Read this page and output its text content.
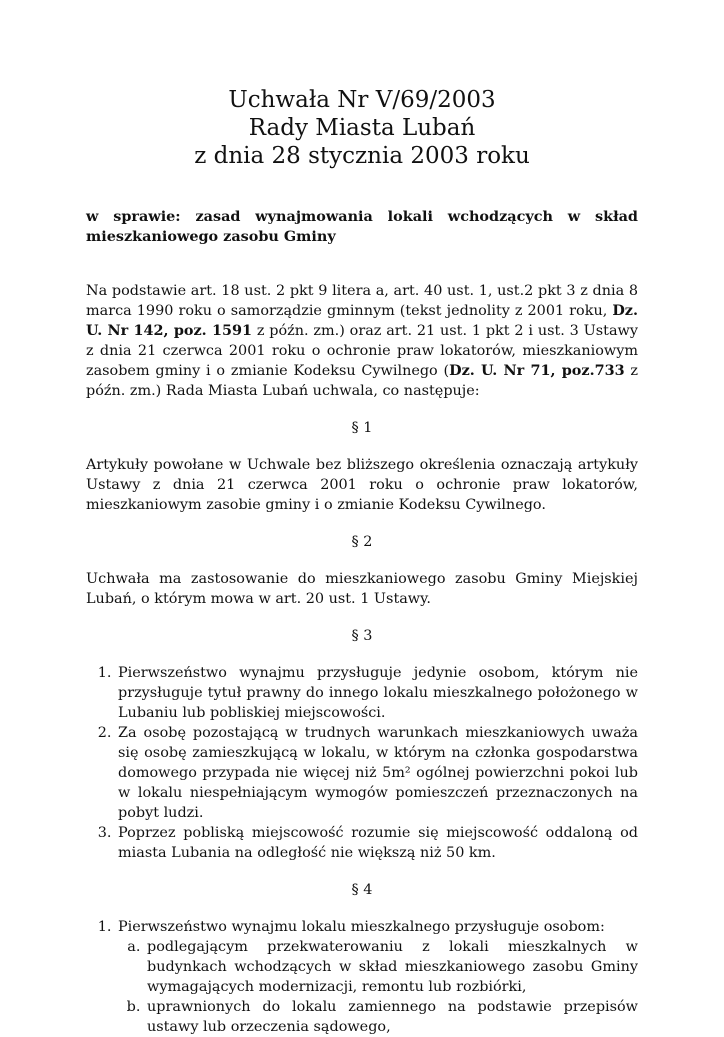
Uchwała Nr V/69/2003
Rady Miasta Lubań
z dnia 28 stycznia 2003 roku

w sprawie: zasad wynajmowania lokali wchodzących w skład mieszkaniowego zasobu Gminy

Na podstawie art. 18 ust. 2 pkt 9 litera a, art. 40 ust. 1, ust.2 pkt 3 z dnia 8 marca 1990 roku o samorządzie gminnym (tekst jednolity z 2001 roku, Dz. U. Nr 142, poz. 1591 z późn. zm.) oraz art. 21 ust. 1 pkt 2 i ust. 3 Ustawy z dnia 21 czerwca 2001 roku o ochronie praw lokatorów, mieszkaniowym zasobem gminy i o zmianie Kodeksu Cywilnego (Dz. U. Nr 71, poz.733 z późn. zm.) Rada Miasta Lubań uchwala, co następuje:

§ 1

Artykuły powołane w Uchwale bez bliższego określenia oznaczają artykuły Ustawy z dnia 21 czerwca 2001 roku o ochronie praw lokatorów, mieszkaniowym zasobie gminy i o zmianie Kodeksu Cywilnego.

§ 2

Uchwała ma zastosowanie do mieszkaniowego zasobu Gminy Miejskiej Lubań, o którym mowa w art. 20 ust. 1 Ustawy.

§ 3
1. Pierwszeństwo wynajmu przysługuje jedynie osobom, którym nie przysługuje tytuł prawny do innego lokalu mieszkalnego położonego w Lubaniu lub pobliskiej miejscowości.
2. Za osobę pozostającą w trudnych warunkach mieszkaniowych uważa się osobę zamieszkującą w lokalu, w którym na członka gospodarstwa domowego przypada nie więcej niż 5m² ogólnej powierzchni pokoi lub w lokalu niespełniającym wymogów pomieszczeń przeznaczonych na pobyt ludzi.
3. Poprzez pobliską miejscowość rozumie się miejscowość oddaloną od miasta Lubania na odległość nie większą niż 50 km.
§ 4
1. Pierwszeństwo wynajmu lokalu mieszkalnego przysługuje osobom:
a. podlegającym przekwaterowaniu z lokali mieszkalnych w budynkach wchodzących w skład mieszkaniowego zasobu Gminy wymagających modernizacji, remontu lub rozbiórki,
b. uprawnionych do lokalu zamiennego na podstawie przepisów ustawy lub orzeczenia sądowego,
